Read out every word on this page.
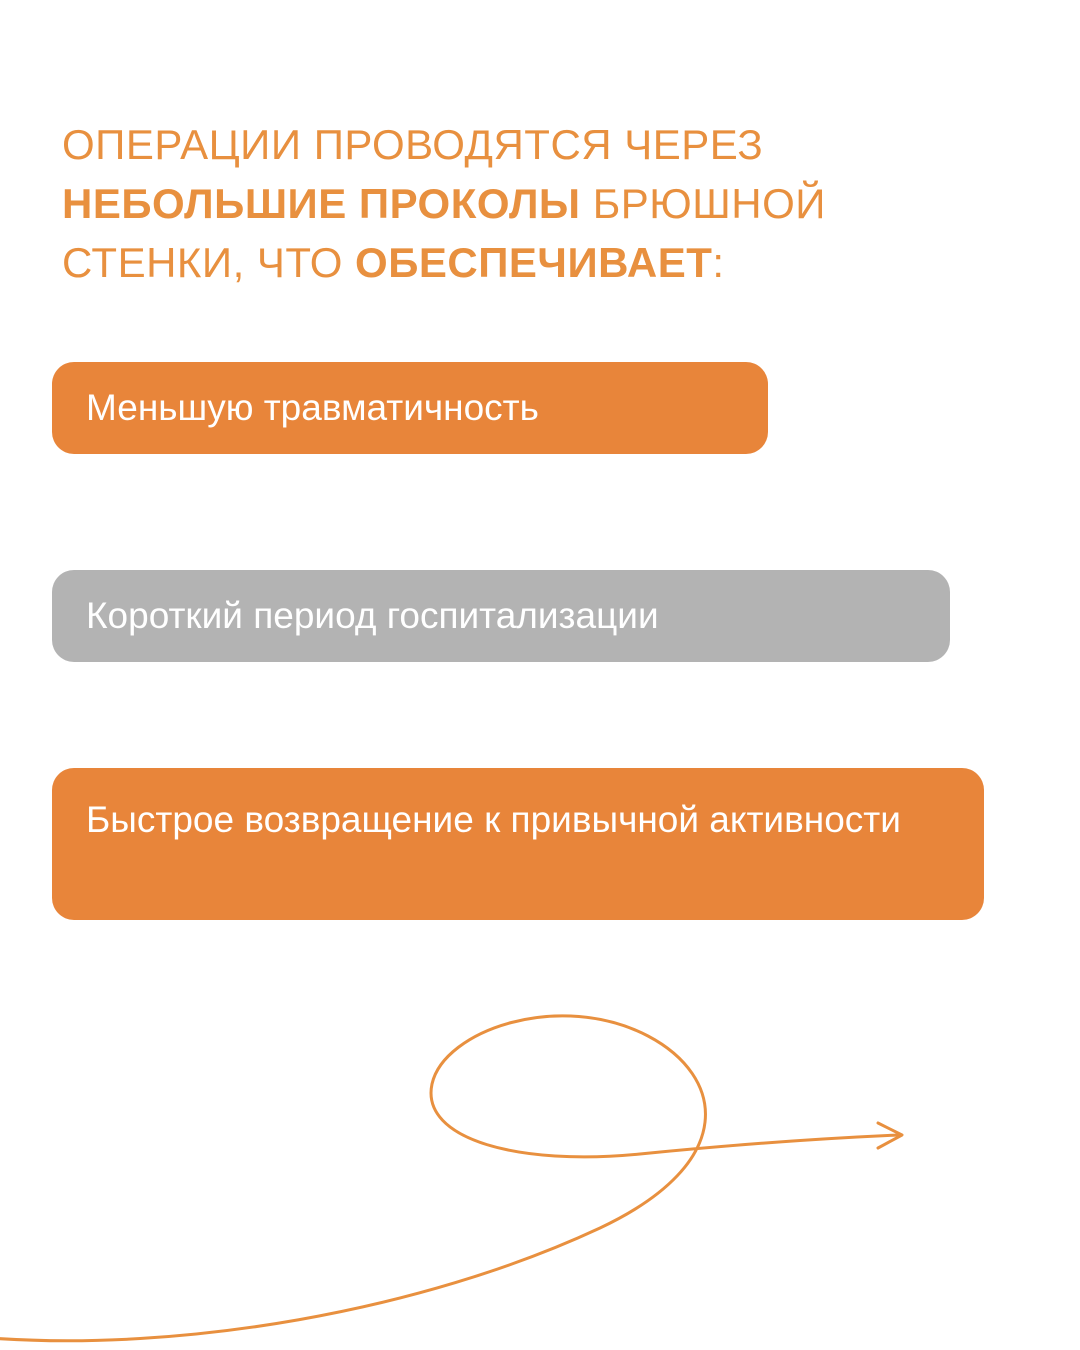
ОПЕРАЦИИ ПРОВОДЯТСЯ ЧЕРЕЗ НЕБОЛЬШИЕ ПРОКОЛЫ БРЮШНОЙ СТЕНКИ, ЧТО ОБЕСПЕЧИВАЕТ:
Меньшую травматичность
Короткий период госпитализации
Быстрое возвращение к привычной активности
